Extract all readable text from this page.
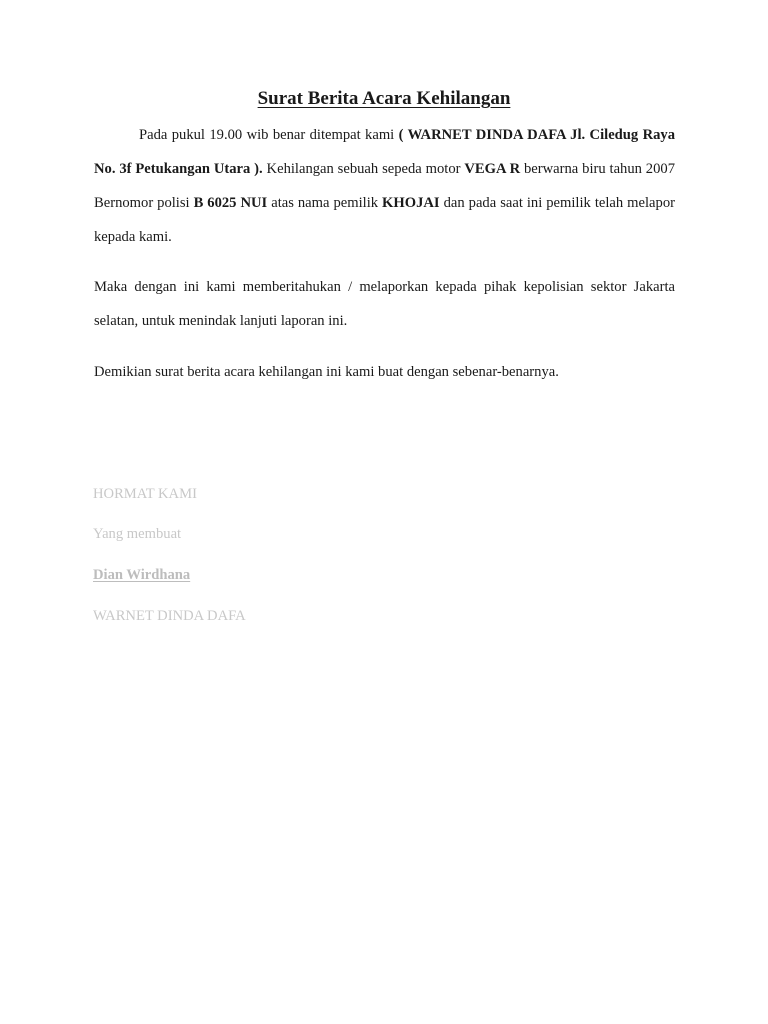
Surat Berita Acara Kehilangan
Pada pukul 19.00 wib benar ditempat kami ( WARNET DINDA DAFA Jl. Ciledug Raya No. 3f Petukangan Utara ). Kehilangan sebuah sepeda motor VEGA R berwarna biru tahun 2007 Bernomor polisi B 6025 NUI atas nama pemilik KHOJAI dan pada saat ini pemilik telah melapor kepada kami.
Maka dengan ini kami memberitahukan / melaporkan kepada pihak kepolisian sektor Jakarta selatan, untuk menindak lanjuti laporan ini.
Demikian surat berita acara kehilangan ini kami buat dengan sebenar-benarnya.
HORMAT KAMI
Yang membuat
Dian Wirdhana
WARNET DINDA DAFA
